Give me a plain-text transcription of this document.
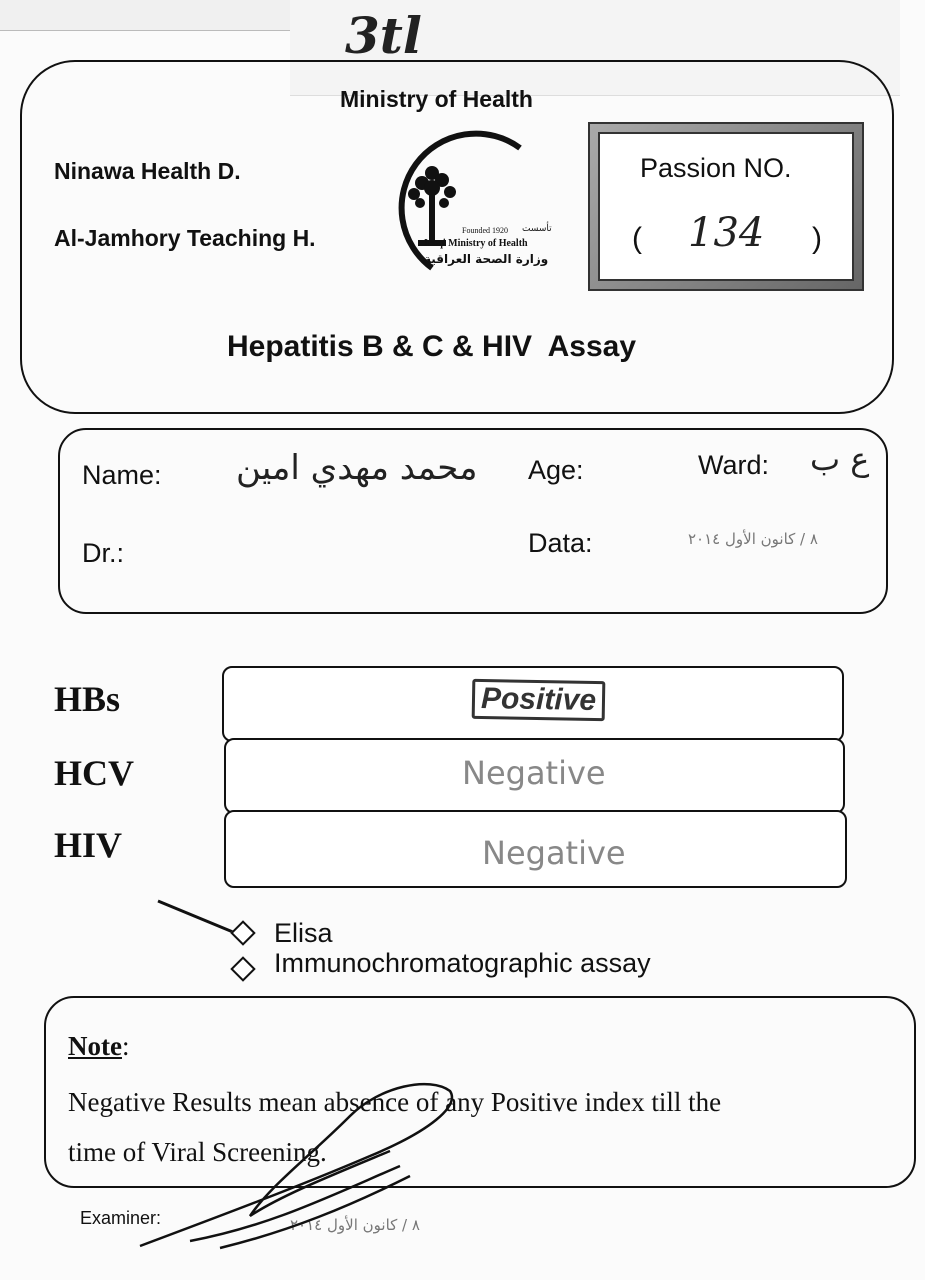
3tl
Ministry of Health
Ninawa Health D.
Al-Jamhory Teaching H.	Founded 1920 تأسست
Iraqi Ministry of Health
وزارة الصحة العراقية
Passion NO.
( 134 )
Hepatitis B & C & HIV  Assay
Name: محمد مهدي امين Age:	Ward: ع ب
Dr.:	Data:	٨ / كانون الأول ٢٠١٤
HBs	Positive
HCV	Negative
HIV	Negative
Elisa
Immunochromatographic assay
Note:
Negative Results mean absence of any Positive index till the
time of Viral Screening.
Examiner:	٨ / كانون الأول ٢٠١٤
